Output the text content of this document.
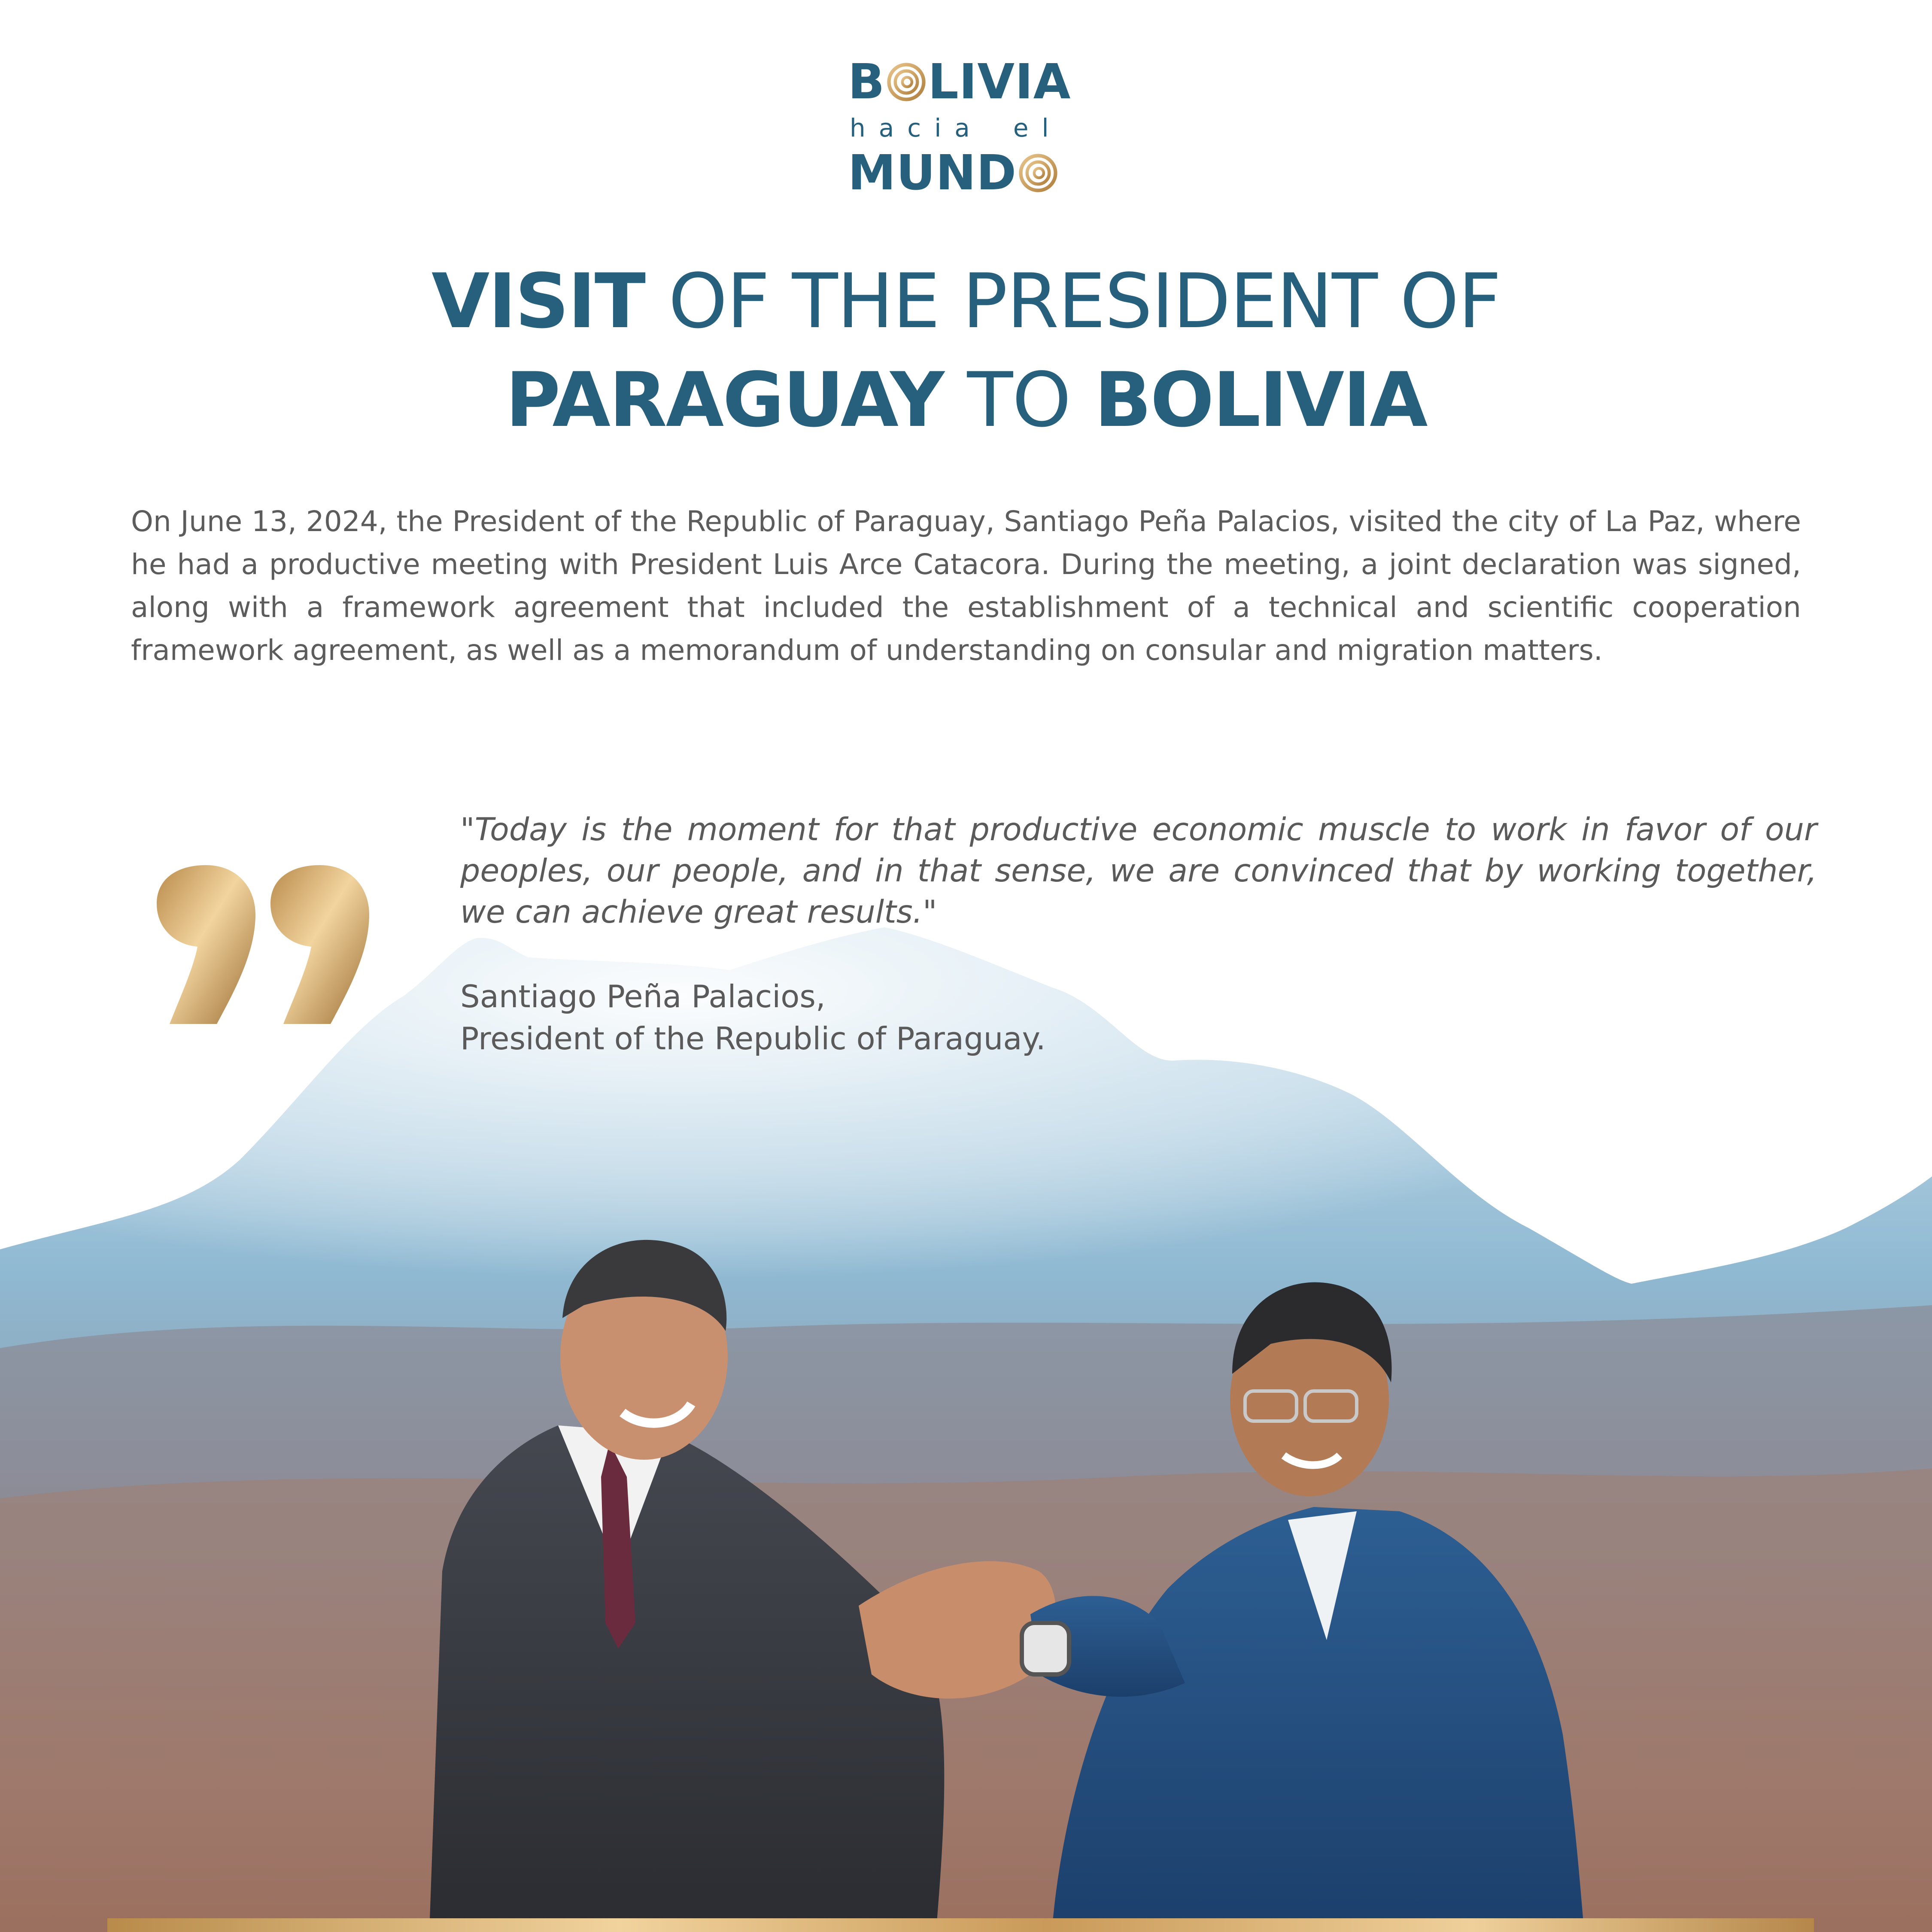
B LIVIA
hacia el
MUND
VISIT OF THE PRESIDENT OF
PARAGUAY TO BOLIVIA

On June 13, 2024, the President of the Republic of Paraguay, Santiago Peña Palacios, visited the city of La Paz, where he had a productive meeting with President Luis Arce Catacora. During the meeting, a joint declaration was signed, along with a framework agreement that included the establishment of a technical and scientific cooperation framework agreement, as well as a memorandum of understanding on consular and migration matters.

"Today is the moment for that productive economic muscle to work in favor of our peoples, our people, and in that sense, we are convinced that by working together, we can achieve great results."

Santiago Peña Palacios,
President of the Republic of Paraguay.
